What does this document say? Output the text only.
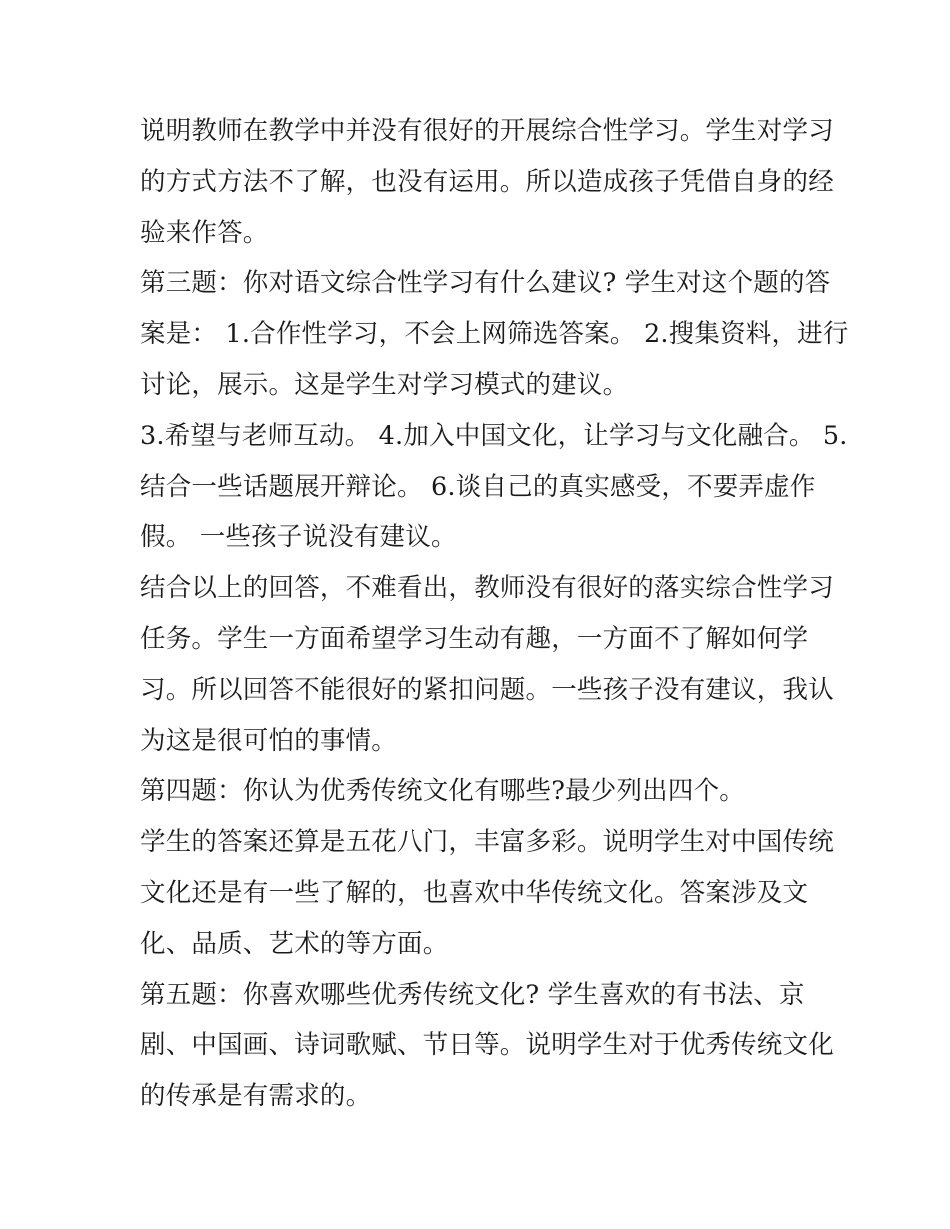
说明教师在教学中并没有很好的开展综合性学习。学生对学习
的方式方法不了解，也没有运用。所以造成孩子凭借自身的经
验来作答。
第三题：你对语文综合性学习有什么建议? 学生对这个题的答
案是： 1.合作性学习，不会上网筛选答案。 2.搜集资料，进行
讨论，展示。这是学生对学习模式的建议。
3.希望与老师互动。 4.加入中国文化，让学习与文化融合。 5.
结合一些话题展开辩论。 6.谈自己的真实感受，不要弄虚作
假。 一些孩子说没有建议。
结合以上的回答，不难看出，教师没有很好的落实综合性学习
任务。学生一方面希望学习生动有趣，一方面不了解如何学
习。所以回答不能很好的紧扣问题。一些孩子没有建议，我认
为这是很可怕的事情。
第四题：你认为优秀传统文化有哪些?最少列出四个。
学生的答案还算是五花八门，丰富多彩。说明学生对中国传统
文化还是有一些了解的，也喜欢中华传统文化。答案涉及文
化、品质、艺术的等方面。
第五题：你喜欢哪些优秀传统文化? 学生喜欢的有书法、京
剧、中国画、诗词歌赋、节日等。说明学生对于优秀传统文化
的传承是有需求的。
